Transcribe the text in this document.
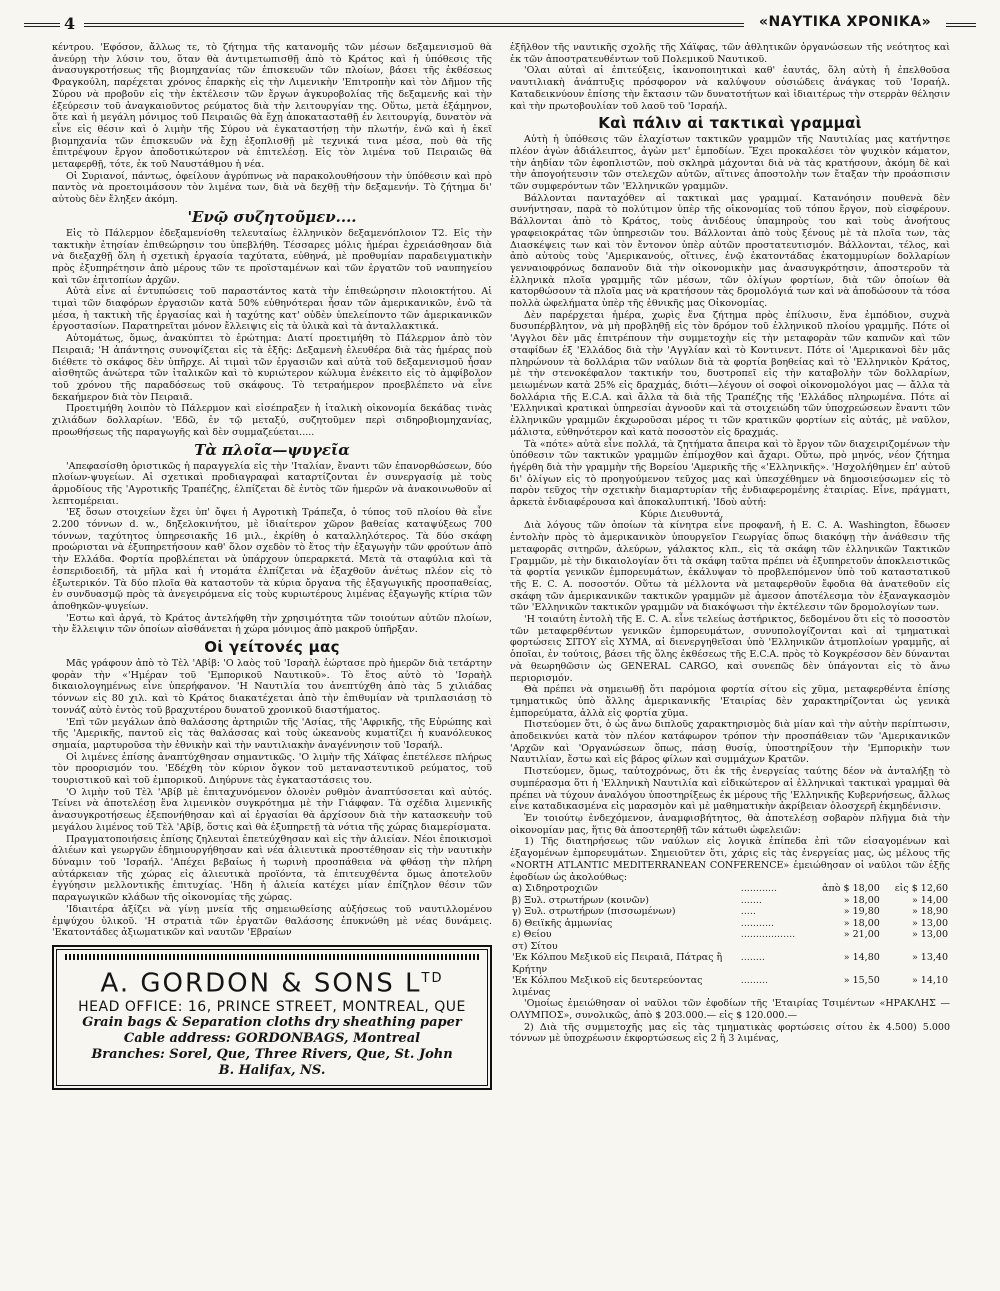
4	«ΝΑΥΤΙΚΑ ΧΡΟΝΙΚΑ»

κέντρου. 'Εφόσον, ἄλλως τε, τὸ ζήτημα τῆς κατανομῆς τῶν μέσων δεξαμενισμοῦ θὰ ἀνεύρῃ τὴν λύσιν του, ὅταν θὰ ἀντιμετωπισθῇ ἀπὸ τὸ Κράτος καὶ ἡ ὑπόθεσις τῆς ἀνασυγκροτήσεως τῆς βιομηχανίας τῶν ἐπισκευῶν τῶν πλοίων, βάσει τῆς ἐκθέσεως Φραγκούλη, παρέχεται χρόνος ἐπαρκὴς εἰς τὴν Λιμενικὴν 'Επιτροπὴν καὶ τὸν Δῆμον τῆς Σύρου νὰ προβοῦν εἰς τὴν ἐκτέλεσιν τῶν ἔργων ἀγκυροβολίας τῆς δεξαμενῆς καὶ τὴν ἐξεύρεσιν τοῦ ἀναγκαιοῦντος ρεύματος διὰ τὴν λειτουργίαν της. Οὕτω, μετὰ ἑξάμηνον, ὅτε καὶ ἡ μεγάλη μόνιμος τοῦ Πειραιῶς θὰ ἔχῃ ἀποκατασταθῇ ἐν λειτουργίᾳ, δυνατὸν νὰ εἶνε εἰς θέσιν καὶ ὁ λιμὴν τῆς Σύρου νὰ ἐγκαταστήσῃ τὴν πλωτήν, ἐνῶ καὶ ἡ ἐκεῖ βιομηχανία τῶν ἐπισκευῶν νὰ ἔχῃ ἐξοπλισθῇ μὲ τεχνικά τινα μέσα, ποὺ θὰ τῆς ἐπιτρέψουν ἔργον ἀποδοτικώτερον νὰ ἐπιτελέσῃ. Εἰς τὸν λιμένα τοῦ Πειραιῶς θὰ μεταφερθῇ, τότε, ἐκ τοῦ Ναυστάθμου ἡ νέα.

Οἱ Συριανοί, πάντως, ὀφείλουν ἀγρύπνως νὰ παρακολουθήσουν τὴν ὑπόθεσιν καὶ πρὸ παντὸς νὰ προετοιμάσουν τὸν λιμένα των, διὰ νὰ δεχθῇ τὴν δεξαμενήν. Τὸ ζήτημα δι' αὐτοὺς δὲν ἔληξεν ἀκόμη.

'Ενῷ συζητοῦμεν....

Εἰς τὸ Πάλερμον ἐδεξαμενίσθη τελευταίως ἑλληνικὸν δεξαμενόπλοιον Τ2. Εἰς τὴν τακτικὴν ἐτησίαν ἐπιθεώρησιν του ὑπεβλήθη. Τέσσαρες μόλις ἡμέραι ἐχρειάσθησαν διὰ νὰ διεξαχθῇ ὅλη ἡ σχετικὴ ἐργασία ταχύτατα, εὐθηνά, μὲ προθυμίαν παραδειγματικὴν πρὸς ἐξυπηρέτησιν ἀπὸ μέρους τῶν τε προϊσταμένων καὶ τῶν ἐργατῶν τοῦ ναυπηγείου καὶ τῶν ἐπιτοπίων ἀρχῶν.

Αὐτὰ εἶνε αἱ ἐντυπώσεις τοῦ παραστάντος κατὰ τὴν ἐπιθεώρησιν πλοιοκτήτου. Αἱ τιμαὶ τῶν διαφόρων ἐργασιῶν κατὰ 50% εὐθηνότεραι ἦσαν τῶν ἀμερικανικῶν, ἐνῶ τὰ μέσα, ἡ τακτικὴ τῆς ἐργασίας καὶ ἡ ταχύτης κατ' οὐδὲν ὑπελείποντο τῶν ἀμερικανικῶν ἐργοστασίων. Παρατηρεῖται μόνον ἔλλειψις εἰς τὰ ὑλικὰ καὶ τὰ ἀνταλλακτικά.

Αὐτομάτως, ὅμως, ἀνακύπτει τὸ ἐρώτημα: Διατί προετιμήθη τὸ Πάλερμον ἀπὸ τὸν Πειραιᾶ; 'Η ἀπάντησις συνοψίζεται εἰς τὰ ἑξῆς: Δεξαμενὴ ἐλευθέρα διὰ τὰς ἡμέρας ποὺ διέθετε τὸ σκάφος δὲν ὑπῆρχε. Αἱ τιμαὶ τῶν ἐργασιῶν καὶ αὐτὰ τοῦ δεξαμενισμοῦ ἦσαν αἰσθητῶς ἀνώτερα τῶν ἰταλικῶν καὶ τὸ κυριώτερον κώλυμα ἐνέκειτο εἰς τὸ ἀμφίβολον τοῦ χρόνου τῆς παραδόσεως τοῦ σκάφους. Τὸ τετραήμερον προεβλέπετο νὰ εἶνε δεκαήμερον διὰ τὸν Πειραιᾶ.

Προετιμήθη λοιπὸν τὸ Πάλερμον καὶ εἰσέπραξεν ἡ ἰταλικὴ οἰκονομία δεκάδας τινὰς χιλιάδων δολλαρίων. 'Εδῶ, ἐν τῷ μεταξύ, συζητοῦμεν περὶ σιδηροβιομηχανίας, προωθήσεως τῆς παραγωγῆς καὶ δὲν συμμαζεύεται.....

Τὰ πλοῖα—ψυγεῖα

'Απεφασίσθη ὁριστικῶς ἡ παραγγελία εἰς τὴν 'Ιταλίαν, ἔναντι τῶν ἐπανορθώσεων, δύο πλοίων-ψυγείων. Αἱ σχετικαὶ προδιαγραφαὶ καταρτίζονται ἐν συνεργασίᾳ μὲ τοὺς ἁρμοδίους τῆς 'Αγροτικῆς Τραπέζης, ἐλπίζεται δὲ ἐντὸς τῶν ἡμερῶν νὰ ἀνακοινωθοῦν αἱ λεπτομέρειαι.

'Εξ ὅσων στοιχείων ἔχει ὑπ' ὄψει ἡ Αγροτικὴ Τράπεζα, ὁ τύπος τοῦ πλοίου θὰ εἶνε 2.200 τόννων d. w., δηξελοκινήτου, μὲ ἰδιαίτερον χῶρον βαθείας καταψύξεως 700 τόννων, ταχύτητος ὑπηρεσιακῆς 16 μιλ., ἐκρίθη ὁ καταλληλότερος. Τὰ δύο σκάφη προώρισται νὰ ἐξυπηρετήσουν καθ' ὅλον σχεδὸν τὸ ἔτος τὴν ἐξαγωγὴν τῶν φρούτων ἀπὸ τὴν Ελλάδα. Φορτία προβλέπεται νὰ ὑπάρχουν ὑπεραρκετά. Μετὰ τὰ σταφύλια καὶ τὰ ἐσπεριδοειδῆ, τὰ μῆλα καὶ ἡ ντομάτα ἐλπίζεται νὰ ἐξαχθοῦν ἀνέτως πλέον εἰς τὸ ἐξωτερικόν. Τὰ δύο πλοῖα θὰ καταστοῦν τὰ κύρια ὄργανα τῆς ἐξαγωγικῆς προσπαθείας, ἐν συνδυασμῷ πρὸς τὰ ἀνεγειρόμενα εἰς τοὺς κυριωτέρους λιμένας ἐξαγωγῆς κτίρια τῶν ἀποθηκῶν-ψυγείων.

'Εστω καὶ ἀργά, τὸ Κράτος ἀντελήφθη τὴν χρησιμότητα τῶν τοιούτων αὐτῶν πλοίων, τὴν ἔλλειψιν τῶν ὁποίων αἰσθάνεται ἡ χώρα μόνιμος ἀπὸ μακροῦ ὑπῆρξαν.

Οἱ γείτονές μας

Μᾶς γράφουν ἀπὸ τὸ Τὲλ 'Αβίβ: 'Ο λαὸς τοῦ 'Ισραὴλ ἑώρτασε πρὸ ἡμερῶν διὰ τετάρτην φορὰν τὴν «'Ημέραν τοῦ 'Εμπορικοῦ Ναυτικοῦ». Τὸ ἔτος αὐτὸ τὸ 'Ισραὴλ δικαιολογημένως εἶνε ὑπερήφανον. 'Η Ναυτιλία του ἀνεπτύχθη ἀπὸ τὰς 5 χιλιάδας τόννων εἰς 80 χιλ. καὶ τὸ Κράτος διακατέχεται ἀπὸ τὴν ἐπιθυμίαν νὰ τριπλασιάσῃ τὸ τοννάζ αὐτὸ ἐντὸς τοῦ βραχυτέρου δυνατοῦ χρονικοῦ διαστήματος.

'Επὶ τῶν μεγάλων ἀπὸ θαλάσσης ἀρτηριῶν τῆς 'Ασίας, τῆς 'Αφρικῆς, τῆς Εὐρώπης καὶ τῆς 'Αμερικῆς, παντοῦ εἰς τὰς θαλάσσας καὶ τοὺς ὠκεανοὺς κυματίζει ἡ κυανόλευκος σημαία, μαρτυροῦσα τὴν ἐθνικὴν καὶ τὴν ναυτιλιακὴν ἀναγέννησιν τοῦ 'Ισραήλ.

Οἱ λιμένες ἐπίσης ἀναπτύχθησαν σημαντικῶς. 'Ο λιμὴν τῆς Χάϊφας ἐπετέλεσε πλήρως τὸν προορισμόν του. 'Εδέχθη τὸν κύριον ὄγκον τοῦ μεταναστευτικοῦ ρεύματος, τοῦ τουριστικοῦ καὶ τοῦ ἐμπορικοῦ. Διηύρυνε τὰς ἐγκαταστάσεις του.

'Ο λιμὴν τοῦ Τὲλ 'Αβίβ μὲ ἐπιταχυνόμενον ὁλονὲν ρυθμὸν ἀναπτύσσεται καὶ αὐτός. Τείνει νὰ ἀποτελέσῃ ἕνα λιμενικὸν συγκρότημα μὲ τὴν Γιάφφαν. Τὰ σχέδια λιμενικῆς ἀνασυγκροτήσεως ἐξεπονήθησαν καὶ αἱ ἐργασίαι θὰ ἀρχίσουν διὰ τὴν κατασκευὴν τοῦ μεγάλου λιμένος τοῦ Τὲλ 'Αβίβ, ὅστις καὶ θὰ ἐξυπηρετῇ τὰ νότια τῆς χώρας διαμερίσματα.

Πραγματοποιήσεις ἐπίσης ζηλευταὶ ἐπετεύχθησαν καὶ εἰς τὴν ἁλιείαν. Νέοι ἐποικισμοὶ ἁλιέων καὶ γεωργῶν ἐδημιουργήθησαν καὶ νέα ἁλιευτικὰ προστέθησαν εἰς τὴν ναυτικὴν δύναμιν τοῦ 'Ισραήλ. 'Απέχει βεβαίως ἡ τωρινὴ προσπάθεια νὰ φθάσῃ τὴν πλήρη αὐτάρκειαν τῆς χώρας εἰς ἁλιευτικὰ προϊόντα, τὰ ἐπιτευχθέντα ὅμως ἀποτελοῦν ἐγγύησιν μελλοντικῆς ἐπιτυχίας. 'Ηδη ἡ ἁλιεία κατέχει μίαν ἐπίζηλον θέσιν τῶν παραγωγικῶν κλάδων τῆς οἰκονομίας τῆς χώρας.

'Ιδιαιτέρα ἀξίζει νὰ γίνῃ μνεία τῆς σημειωθείσης αὐξήσεως τοῦ ναυτιλλομένου ἐμψύχου ὑλικοῦ. 'Η στρατιὰ τῶν ἐργατῶν θαλάσσης ἐπυκνώθη μὲ νέας δυνάμεις. 'Εκατοντάδες ἀξιωματικῶν καὶ ναυτῶν 'Εβραίων

A. GORDON & SONS $L^{TD}$
HEAD OFFICE: 16, PRINCE STREET, MONTREAL, QUE
Grain bags & Separation cloths dry sheathing paper
Cable address: GORDONBAGS, Montreal
Branches: Sorel, Que, Three Rivers, Que, St. John
B. Halifax, NS.

ἐξῆλθον τῆς ναυτικῆς σχολῆς τῆς Χάϊφας, τῶν ἀθλητικῶν ὀργανώσεων τῆς νεότητος καὶ ἐκ τῶν ἀποστρατευθέντων τοῦ Πολεμικοῦ Ναυτικοῦ.

'Ολαι αὐταὶ αἱ ἐπιτεύξεις, ἱκανοποιητικαὶ καθ' ἑαυτάς, ὅλη αὐτὴ ἡ ἐπελθοῦσα ναυτιλιακὴ ἀνάπτυξις πρόσφορον νὰ καλύψουν οὐσιώδεις ἀνάγκας τοῦ 'Ισραήλ. Καταδεικνύουν ἐπίσης τὴν ἔκτασιν τῶν δυνατοτήτων καὶ ἰδιαιτέρως τὴν στερρὰν θέλησιν καὶ τὴν πρωτοβουλίαν τοῦ λαοῦ τοῦ 'Ισραήλ.

Καὶ πάλιν αἱ τακτικαὶ γραμμαὶ

Αὐτὴ ἡ ὑπόθεσις τῶν ἐλαχίστων τακτικῶν γραμμῶν τῆς Ναυτιλίας μας κατήντησε πλέον ἀγὼν ἀδιάλειπτος, ἀγὼν μετ' ἐμποδίων. Ἔχει προκαλέσει τὸν ψυχικὸν κάματον, τὴν ἀηδίαν τῶν ἐφοπλιστῶν, ποὺ σκληρὰ μάχονται διὰ νὰ τὰς κρατήσουν, ἀκόμη δὲ καὶ τὴν ἀπογοήτευσιν τῶν στελεχῶν αὐτῶν, αἵτινες ἀποστολὴν των ἔταξαν τὴν προάσπισιν τῶν συμφερόντων τῶν 'Ελληνικῶν γραμμῶν.

Βάλλονται πανταχόθεν αἱ τακτικαὶ μας γραμμαί. Κατανόησιν πουθενὰ δὲν συνήντησαν, παρὰ τὸ πολύτιμον ὑπὲρ τῆς οἰκονομίας τοῦ τόπου ἔργον, ποὺ εἰσφέρουν. Βάλλονται ἀπὸ τὸ Κράτος, τοὺς ἀνιδέους ὑπαμηροὺς του καὶ τοὺς ἀνοήτους γραφειοκράτας τῶν ὑπηρεσιῶν του. Βάλλονται ἀπὸ τοὺς ξένους μὲ τὰ πλοῖα των, τὰς Διασκέψεις των καὶ τὸν ἔντονον ὑπὲρ αὐτῶν προστατευτισμόν. Βάλλονται, τέλος, καὶ ἀπὸ αὐτοὺς τοὺς 'Αμερικανούς, οἵτινες, ἐνῷ ἐκατοντάδας ἑκατομμυρίων δολλαρίων γενναιοφρόνως δαπανοῦν διὰ τὴν οἰκονομικὴν μας ἀνασυγκρότησιν, ἀποστεροῦν τὰ ἑλληνικὰ πλοῖα γραμμῆς τῶν μέσων, τῶν ὀλίγων φορτίων, διὰ τῶν ὁποίων θὰ κατορθώσουν τὰ πλοῖα μας νὰ κρατήσουν τὰς δρομολόγιά των καὶ νὰ ἀποδώσουν τὰ τόσα πολλὰ ὠφελήματα ὑπὲρ τῆς ἐθνικῆς μας Οἰκονομίας.

Δὲν παρέρχεται ἡμέρα, χωρὶς ἕνα ζήτημα πρὸς ἐπίλυσιν, ἕνα ἐμπόδιον, συχνὰ δυσυπέρβλητον, νὰ μὴ προβληθῇ εἰς τὸν δρόμον τοῦ ἑλληνικοῦ πλοίου γραμμῆς. Πότε οἱ 'Αγγλοι δὲν μᾶς ἐπιτρέπουν τὴν συμμετοχὴν εἰς τὴν μεταφορὰν τῶν καπνῶν καὶ τῶν σταφίδων ἐξ 'Ελλάδος διὰ τὴν 'Αγγλίαν καὶ τὸ Κοντινεντ. Πότε οἱ 'Αμερικανοὶ δὲν μᾶς πληρώνουν τὰ δολλάρια τῶν ναύλων διὰ τὰ φορτία βοηθείας καὶ τὸ 'Ελληνικὸν Κράτος, μὲ τὴν στενοκέφαλον τακτικήν του, δυστροπεῖ εἰς τὴν καταβολὴν τῶν δολλαρίων, μειωμένων κατὰ 25% εἰς δραχμάς, διότι—λέγουν οἱ σοφοὶ οἰκονομολόγοι μας — ἄλλα τὰ δολλάρια τῆς E.C.A. καὶ ἄλλα τὰ διὰ τῆς Τραπέζης τῆς 'Ελλάδος πληρωμένα. Πότε αἱ 'Ελληνικαὶ κρατικαὶ ὑπηρεσίαι ἀγνοοῦν καὶ τὰ στοιχειώδη τῶν ὑποχρεώσεων ἔναντι τῶν ἑλληνικῶν γραμμῶν ἐκχωροῦσαι μέρος τι τῶν κρατικῶν φορτίων εἰς αὐτάς, μὲ ναῦλον, μάλιστα, εὐθηνότερον καὶ κατὰ ποσοστὸν εἰς δραχμάς.

Τὰ «πότε» αὐτὰ εἶνε πολλά, τὰ ζητήματα ἄπειρα καὶ τὸ ἔργον τῶν διαχειριζομένων τὴν ὑπόθεσιν τῶν τακτικῶν γραμμῶν ἐπίμοχθον καὶ ἄχαρι. Οὕτω, πρὸ μηνός, νέον ζήτημα ἠγέρθη διὰ τὴν γραμμὴν τῆς Βορείου 'Αμερικῆς τῆς «'Ελληνικῆς». 'Ησχολήθημεν ἐπ' αὐτοῦ δι' ὀλίγων εἰς τὸ προηγούμενον τεῦχος μας καὶ ὑπεσχέθημεν νὰ δημοσιεύσωμεν εἰς τὸ παρὸν τεῦχος τὴν σχετικὴν διαμαρτυρίαν τῆς ἐνδιαφερομένης ἑταιρίας. Εἶνε, πράγματι, ἀρκετὰ ἐνδιαφέρουσα καὶ ἀποκαλυπτική. 'Ιδοὺ αὐτή:

Κύριε Διευθυντά,

Διὰ λόγους τῶν ὁποίων τὰ κίνητρα εἶνε προφανῆ, ἡ E. C. A. Washington, ἔδωσεν ἐντολὴν πρὸς τὸ ἀμερικανικὸν ὑπουργεῖον Γεωργίας ὅπως διακόψῃ τὴν ἀνάθεσιν τῆς μεταφορᾶς σιτηρῶν, ἀλεύρων, γάλακτος κλπ., εἰς τὰ σκάφη τῶν ἑλληνικῶν Τακτικῶν Γραμμῶν, μὲ τὴν δικαιολογίαν ὅτι τὰ σκάφη ταῦτα πρέπει νὰ ἐξυπηρετοῦν ἀποκλειστικῶς τὰ φορτία γενικῶν ἐμπορευμάτων, ἐκάλυψαν τὸ προβλεπόμενον ὑπὸ τοῦ καταστατικοῦ τῆς E. C. A. ποσοστόν. Οὕτω τὰ μέλλοντα νὰ μεταφερθοῦν ἔφοδια θὰ ἀνατεθοῦν εἰς σκάφη τῶν ἀμερικανικῶν τακτικῶν γραμμῶν μὲ ἀμεσον ἀποτέλεσμα τὸν ἐξαναγκασμὸν τῶν 'Ελληνικῶν τακτικῶν γραμμῶν νὰ διακόψωσι τὴν ἐκτέλεσιν τῶν δρομολογίων των.

'Η τοιαύτη ἐντολὴ τῆς E. C. A. εἶνε τελείως ἀστήρικτος, δεδομένου ὅτι εἰς τὸ ποσοστὸν τῶν μεταφερθέντων γενικῶν ἐμπορευμάτων, συνυπολογίζονται καὶ αἱ τμηματικαὶ φορτώσεις ΣΙΤΟΥ εἰς ΧΥΜΑ, αἱ διενεργηθεῖσαι ὑπὸ 'Ελληνικῶν ἀτμοπλοίων γραμμῆς, αἱ ὁποῖαι, ἐν τούτοις, βάσει τῆς ὅλης ἐκθέσεως τῆς E.C.A. πρὸς τὸ Κογκρέσσον δὲν δύνανται νὰ θεωρηθῶσιν ὡς GENERAL CARGO, καὶ συνεπῶς δὲν ὑπάγονται εἰς τὸ ἄνω περιορισμόν.

Θὰ πρέπει νὰ σημειωθῇ ὅτι παρόμοια φορτία σίτου εἰς χῦμα, μεταφερθέντα ἐπίσης τμηματικῶς ὑπὸ ἄλλης ἀμερικανικῆς 'Εταιρίας δὲν χαρακτηρίζονται ὡς γενικὰ ἐμπορεύματα, ἀλλὰ εἰς φορτία χῦμα.

Πιστεύομεν ὅτι, ὁ ὡς ἄνω διπλοῦς χαρακτηρισμὸς διὰ μίαν καὶ τὴν αὐτὴν περίπτωσιν, ἀποδεικνύει κατὰ τὸν πλέον κατάφωρον τρόπον τὴν προσπάθειαν τῶν 'Αμερικανικῶν 'Αρχῶν καὶ 'Οργανώσεων ὅπως, πάσῃ θυσίᾳ, ὑποστηρίξουν τὴν 'Εμπορικὴν των Ναυτιλίαν, ἔστω καὶ εἰς βάρος φίλων καὶ συμμάχων Κρατῶν.

Πιστεύομεν, ὅμως, ταὐτοχρόνως, ὅτι ἐκ τῆς ἐνεργείας ταύτης δέον νὰ ἀνταλήξῃ τὸ συμπέρασμα ὅτι ἡ 'Ελληνικὴ Ναυτιλία καὶ εἰδικώτερον αἱ ἑλληνικαὶ τακτικαὶ γραμμαὶ θὰ πρέπει νὰ τύχουν ἀναλόγου ὑποστηρίξεως ἐκ μέρους τῆς 'Ελληνικῆς Κυβερνήσεως, ἄλλως εἶνε καταδικασμένα εἰς μαρασμὸν καὶ μὲ μαθηματικὴν ἀκρίβειαν ὁλοσχερῆ ἐκμηδένισιν.

Ἐν τοιούτῳ ἐνδεχόμενον, ἀναμφισβήτητος, θὰ ἀποτελέσῃ σοβαρὸν πλῆγμα διὰ τὴν οἰκονομίαν μας, ἥτις θὰ ἀποστερηθῇ τῶν κάτωθι ὠφελειῶν:

1) Τῆς διατηρήσεως τῶν ναύλων εἰς λογικὰ ἐπίπεδα ἐπὶ τῶν εἰσαγομένων καὶ ἐξαγομένων ἐμπορευμάτων. Σημειοῦτεν ὅτι, χάρις εἰς τὰς ἐνεργείας μας, ὡς μέλους τῆς «NORTH ATLANTIC MEDITERRANEAN CONFERENCE» ἐμειώθησαν οἱ ναῦλοι τῶν ἑξῆς ἐφοδίων ὡς ἀκολούθως:

α) Σιδηροτροχιῶν	............	ἀπὸ $ 18,00	εἰς $ 12,60
β) Ξυλ. στρωτήρων (κοινῶν)	.......	» 18,00	» 14,00
γ) Ξυλ. στρωτήρων (πισσωμένων)	.....	» 19,80	» 18,90
δ) Θειϊκῆς ἀμμωνίας	...........	» 18,00	» 13,00
ε) Θείου	..................	» 21,00	» 13,00
στ) Σίτου			
'Εκ Κόλπου Μεξικοῦ εἰς Πειραιᾶ, Πάτρας ἢ Κρήτην	........	» 14,80	» 13,40
'Εκ Κόλπου Μεξικοῦ εἰς δευτερεύοντας λιμένας	.........	» 15,50	» 14,10

'Ομοίως ἐμειώθησαν οἱ ναῦλοι τῶν ἐφοδίων τῆς 'Εταιρίας Τσιμέντων «ΗΡΑΚΛΗΣ — ΟΛΥΜΠΟΣ», συνολικῶς, ἀπὸ $ 203.000.— εἰς $ 120.000.—

2) Διὰ τῆς συμμετοχῆς μας εἰς τὰς τμηματικὰς φορτώσεις σίτου ἐκ 4.500) 5.000 τόννων μὲ ὑποχρέωσιν ἐκφορτώσεως εἰς 2 ἢ 3 λιμένας,
